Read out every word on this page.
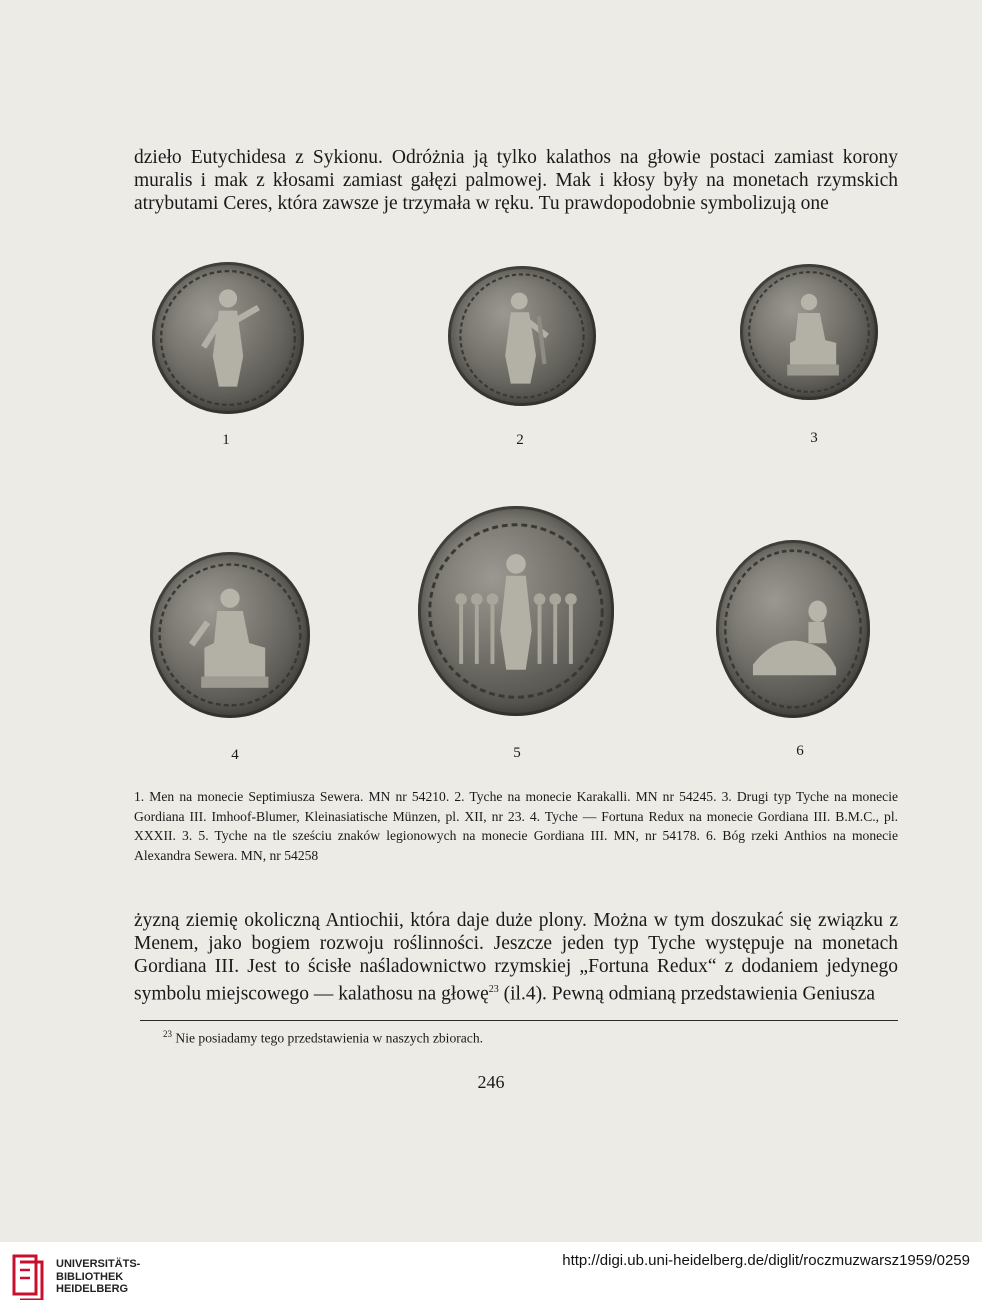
dzieło Eutychidesa z Sykionu. Odróżnia ją tylko kalathos na głowie postaci zamiast korony muralis i mak z kłosami zamiast gałęzi palmowej. Mak i kłosy były na monetach rzymskich atrybutami Ceres, która zawsze je trzymała w ręku. Tu prawdopodobnie symbolizują one

1	2	3
4	5	6

1. Men na monecie Septimiusza Sewera. MN nr 54210. 2. Tyche na monecie Karakalli. MN nr 54245. 3. Drugi typ Tyche na monecie Gordiana III. Imhoof-Blumer, Kleinasiatische Münzen, pl. XII, nr 23. 4. Tyche — Fortuna Redux na monecie Gordiana III. B.M.C., pl. XXXII. 3. 5. Tyche na tle sześciu znaków legionowych na monecie Gordiana III. MN, nr 54178. 6. Bóg rzeki Anthios na monecie Alexandra Sewera. MN, nr 54258

żyzną ziemię okoliczną Antiochii, która daje duże plony. Można w tym doszukać się związku z Menem, jako bogiem rozwoju roślinności. Jeszcze jeden typ Tyche występuje na monetach Gordiana III. Jest to ścisłe naśladownictwo rzymskiej „Fortuna Redux“ z dodaniem jedynego symbolu miejscowego — kalathosu na głowę$^{23}$ (il.4). Pewną odmianą przedstawienia Geniusza

$^{23}$ Nie posiadamy tego przedstawienia w naszych zbiorach.
246
UNIVERSITÄTS-
BIBLIOTHEK
HEIDELBERG
http://digi.ub.uni-heidelberg.de/diglit/roczmuzwarsz1959/0259
